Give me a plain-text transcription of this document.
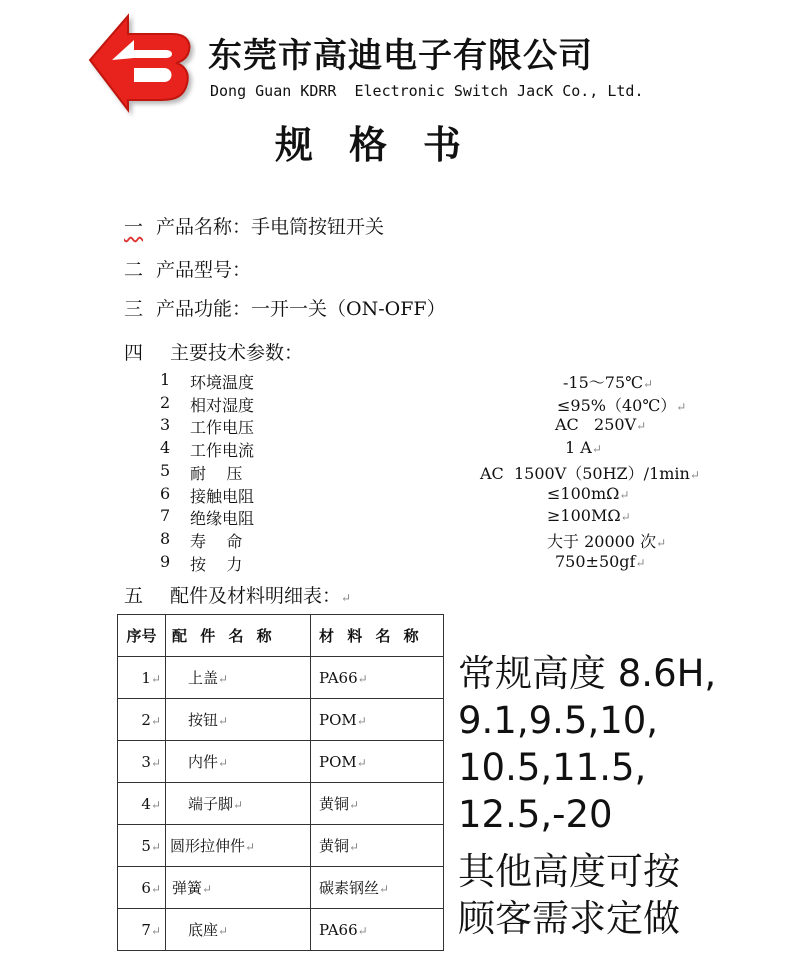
东莞市高迪电子有限公司
Dong Guan KDRR  Electronic Switch JacK Co., Ltd.
规格书
一 产品名称：手电筒按钮开关
二 产品型号：
三 产品功能：一开一关（ON-OFF）
四 主要技术参数：
1 环境温度	-15～75℃↵
2 相对湿度	≤95%（40℃）↵
3 工作电压	AC   250V↵
4 工作电流	1 A↵
5 耐    压	AC  1500V（50HZ）/1min↵
6 接触电阻	≤100mΩ↵
7 绝缘电阻	≥100MΩ↵
8 寿    命	大于 20000 次↵
9 按    力	750±50gf↵
五 配件及材料明细表：↵
序号	配 件 名 称	材 料 名 称
1↵	上盖↵	PA66↵
2↵	按钮↵	POM↵
3↵	内件↵	POM↵
4↵	端子脚↵	黄铜↵
5↵	圆形拉伸件↵	黄铜↵
6↵	弹簧↵	碳素钢丝↵
7↵	底座↵	PA66↵
常规高度 8.6H,
9.1,9.5,10,
10.5,11.5,
12.5,-20
其他高度可按
顾客需求定做
